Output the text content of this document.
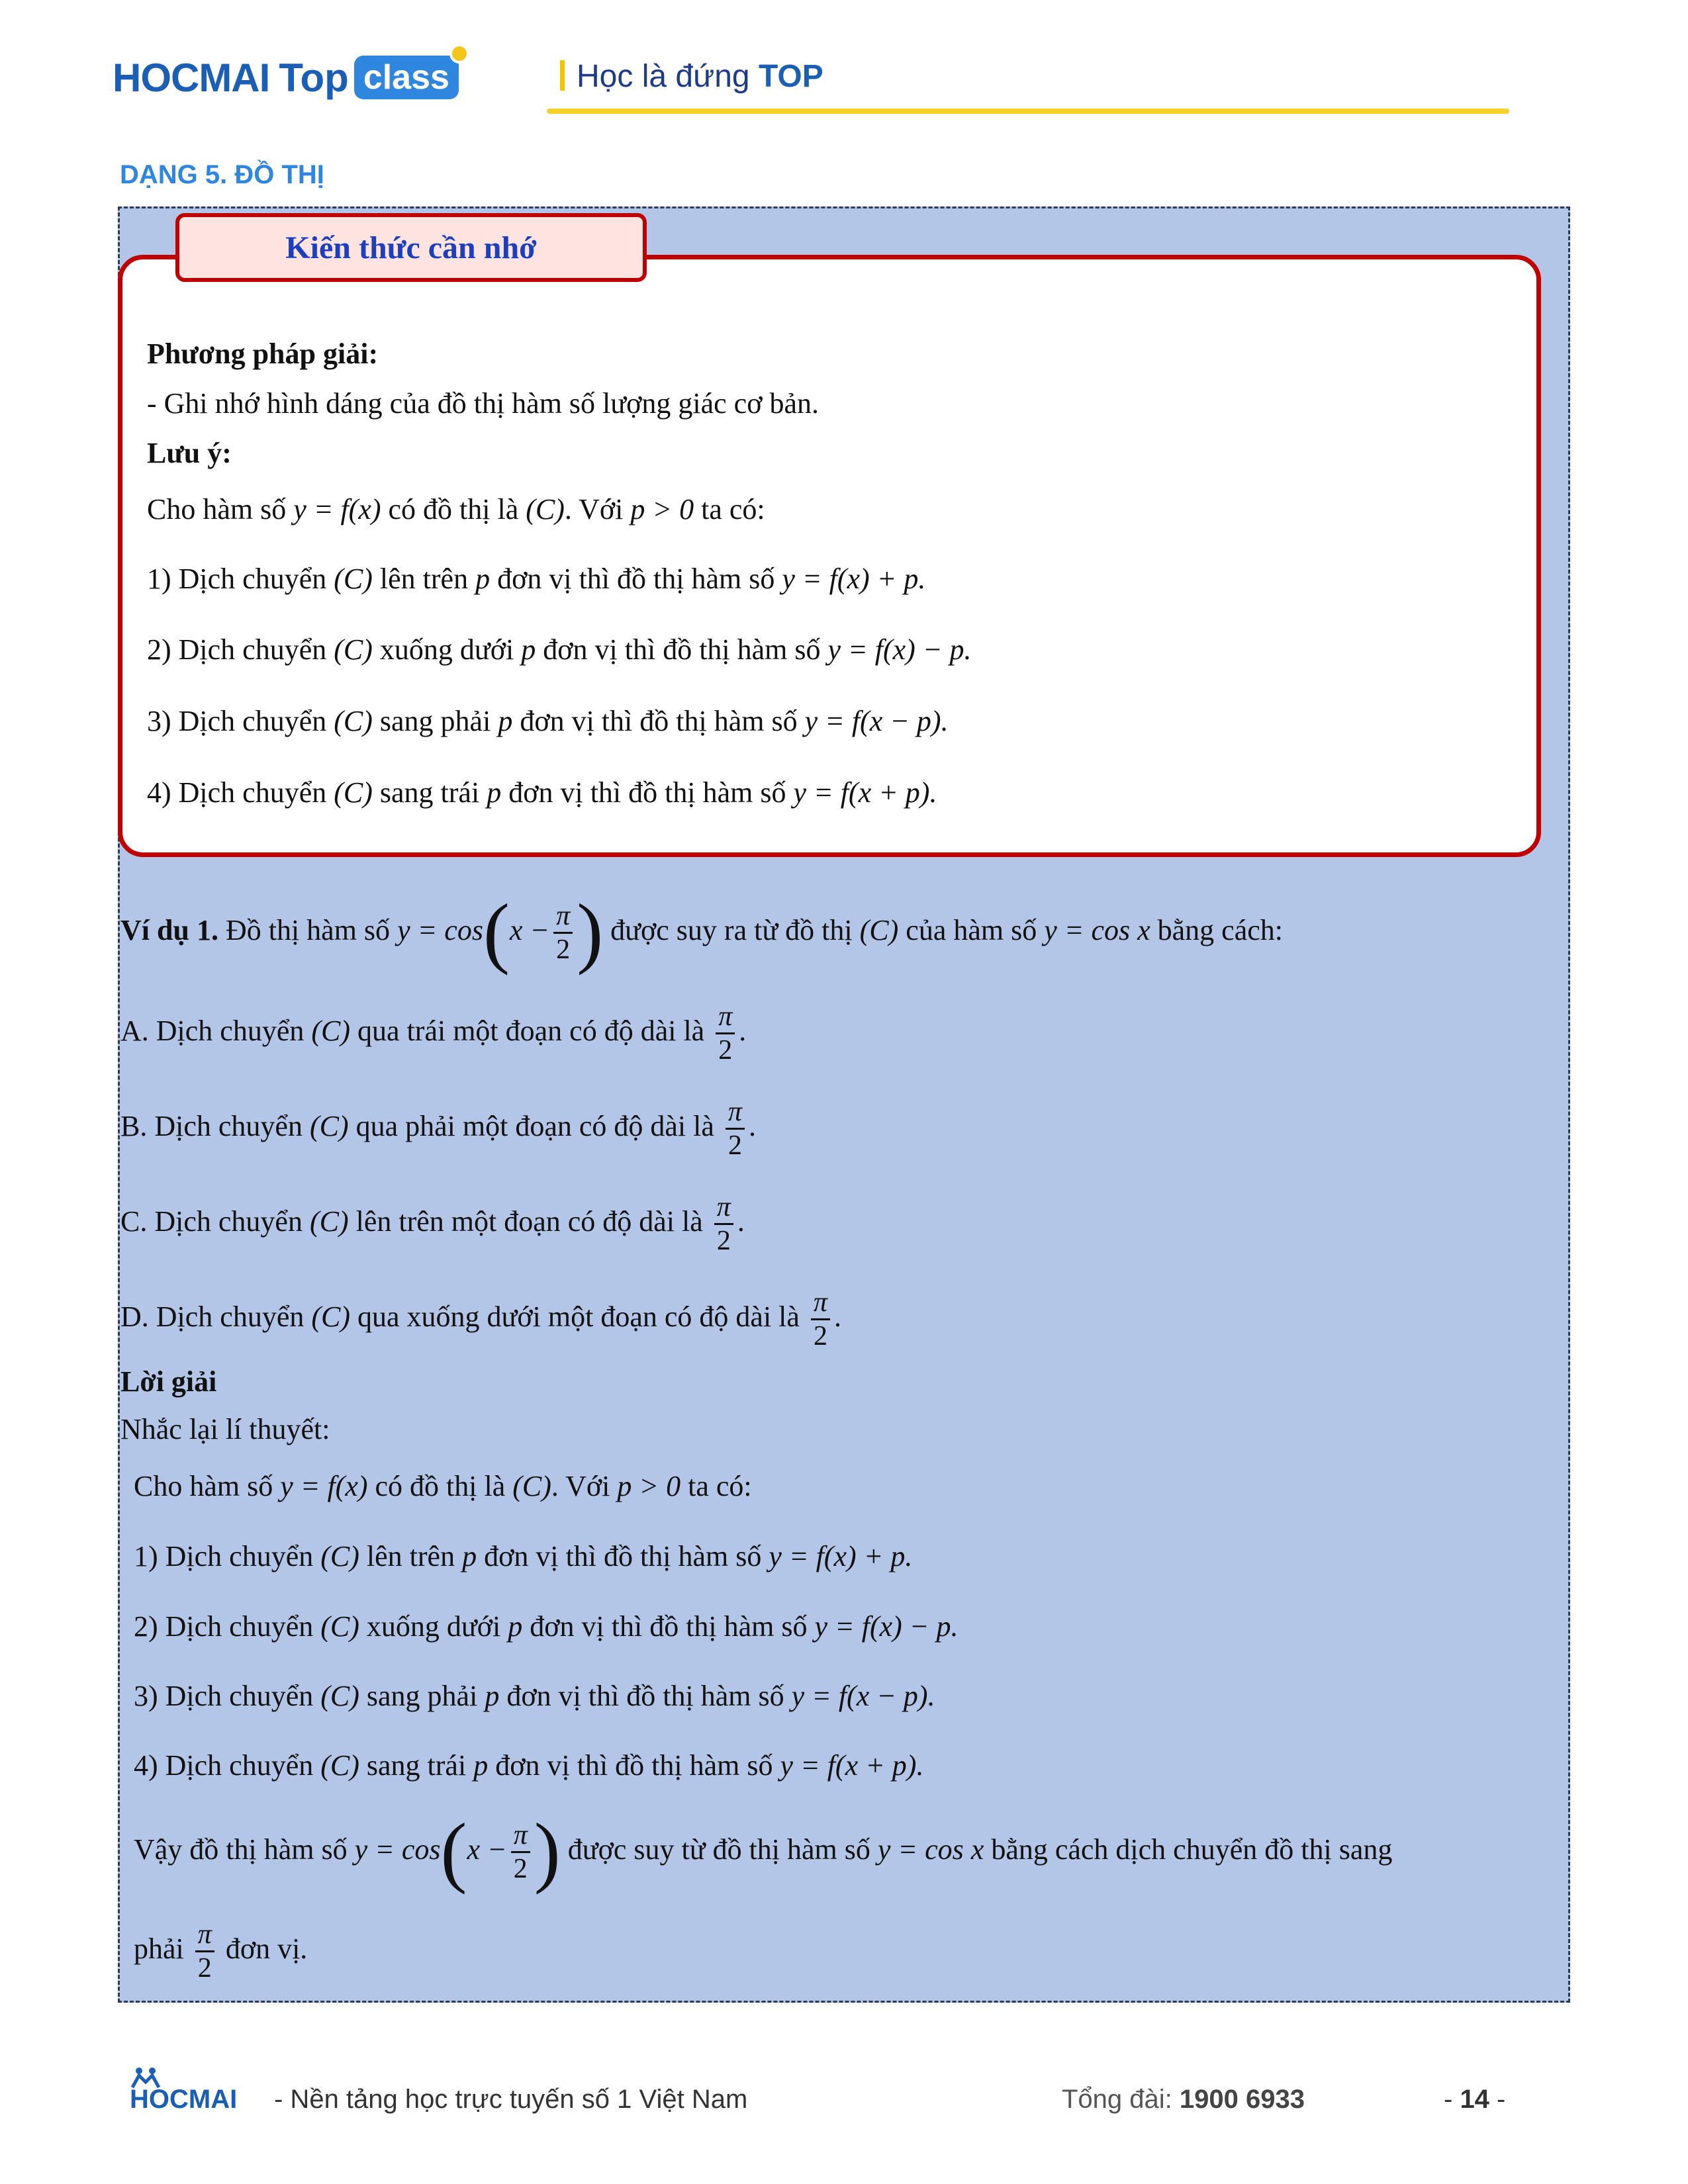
HOCMAI Top class	Học là đứng TOP
DẠNG 5. ĐỒ THỊ
Kiến thức cần nhớ
Phương pháp giải:
- Ghi nhớ hình dáng của đồ thị hàm số lượng giác cơ bản.
Lưu ý:
Cho hàm số y = f(x) có đồ thị là (C). Với p > 0 ta có:
1) Dịch chuyển (C) lên trên p đơn vị thì đồ thị hàm số y = f(x) + p.
2) Dịch chuyển (C) xuống dưới p đơn vị thì đồ thị hàm số y = f(x) − p.
3) Dịch chuyển (C) sang phải p đơn vị thì đồ thị hàm số y = f(x − p).
4) Dịch chuyển (C) sang trái p đơn vị thì đồ thị hàm số y = f(x + p).
Ví dụ 1. Đồ thị hàm số $y = \cos(x - \frac{\pi}{2}$ ) được suy ra từ đồ thị (C) của hàm số y = cos x bằng cách:
A. Dịch chuyển (C) qua trái một đoạn có độ dài là $\frac{\pi}{2}$ .
B. Dịch chuyển (C) qua phải một đoạn có độ dài là $\frac{\pi}{2}$ .
C. Dịch chuyển (C) lên trên một đoạn có độ dài là $\frac{\pi}{2}$ .
D. Dịch chuyển (C) qua xuống dưới một đoạn có độ dài là $\frac{\pi}{2}$ .
Lời giải
Nhắc lại lí thuyết:
Cho hàm số y = f(x) có đồ thị là (C). Với p > 0 ta có:
1) Dịch chuyển (C) lên trên p đơn vị thì đồ thị hàm số y = f(x) + p.
2) Dịch chuyển (C) xuống dưới p đơn vị thì đồ thị hàm số y = f(x) − p.
3) Dịch chuyển (C) sang phải p đơn vị thì đồ thị hàm số y = f(x − p).
4) Dịch chuyển (C) sang trái p đơn vị thì đồ thị hàm số y = f(x + p).
Vậy đồ thị hàm số $y = \cos(x - \frac{\pi}{2}$ ) được suy từ đồ thị hàm số y = cos x bằng cách dịch chuyển đồ thị sang
phải $\frac{\pi}{2}$ đơn vị.
HOCMAI - Nền tảng học trực tuyến số 1 Việt Nam	Tổng đài: 1900 6933	- 14 -
